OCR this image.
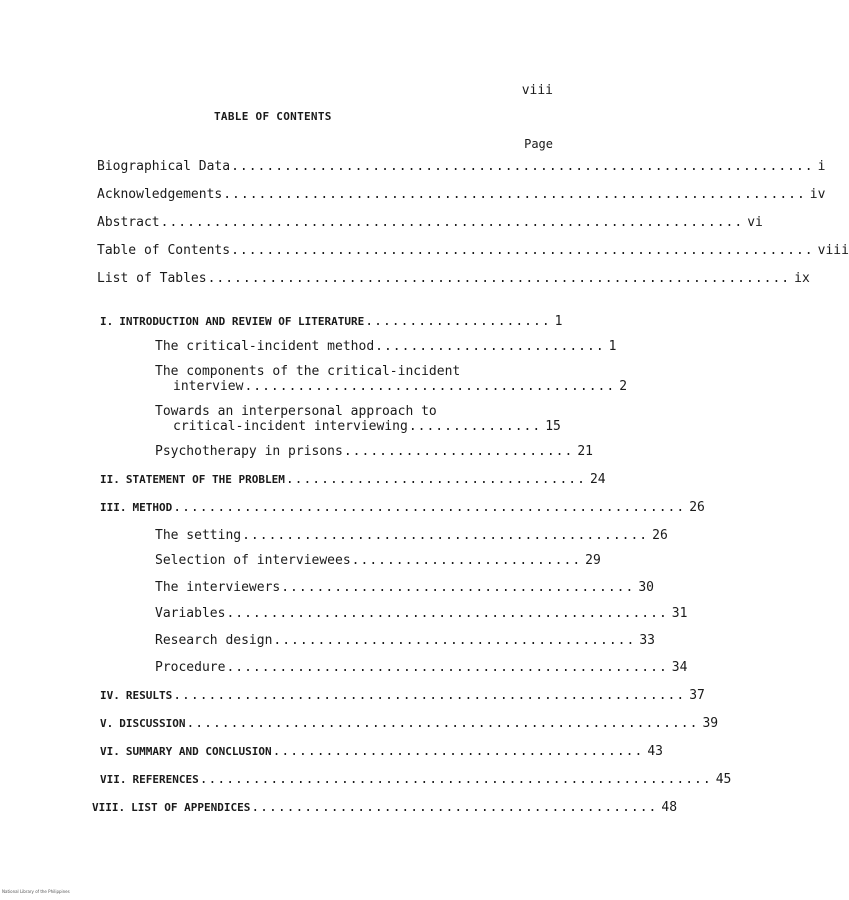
viii
TABLE OF CONTENTS
Page
Biographical Data .................................................................. i
Acknowledgements .................................................................. iv
Abstract .................................................................. vi
Table of Contents .................................................................. viii
List of Tables .................................................................. ix
I. INTRODUCTION AND REVIEW OF LITERATURE ..................... 1
The critical-incident method .......................... 1
The components of the critical-incident
interview .......................................... 2
Towards an interpersonal approach to
critical-incident interviewing ............... 15
Psychotherapy in prisons .......................... 21
II. STATEMENT OF THE PROBLEM .................................. 24
III. METHOD .......................................................... 26
The setting .............................................. 26
Selection of interviewees .......................... 29
The interviewers ........................................ 30
Variables .................................................. 31
Research design ......................................... 33
Procedure .................................................. 34
IV. RESULTS .......................................................... 37
V. DISCUSSION .......................................................... 39
VI. SUMMARY AND CONCLUSION .......................................... 43
VII. REFERENCES .......................................................... 45
VIII. LIST OF APPENDICES .............................................. 48
National Library of the Philippines
